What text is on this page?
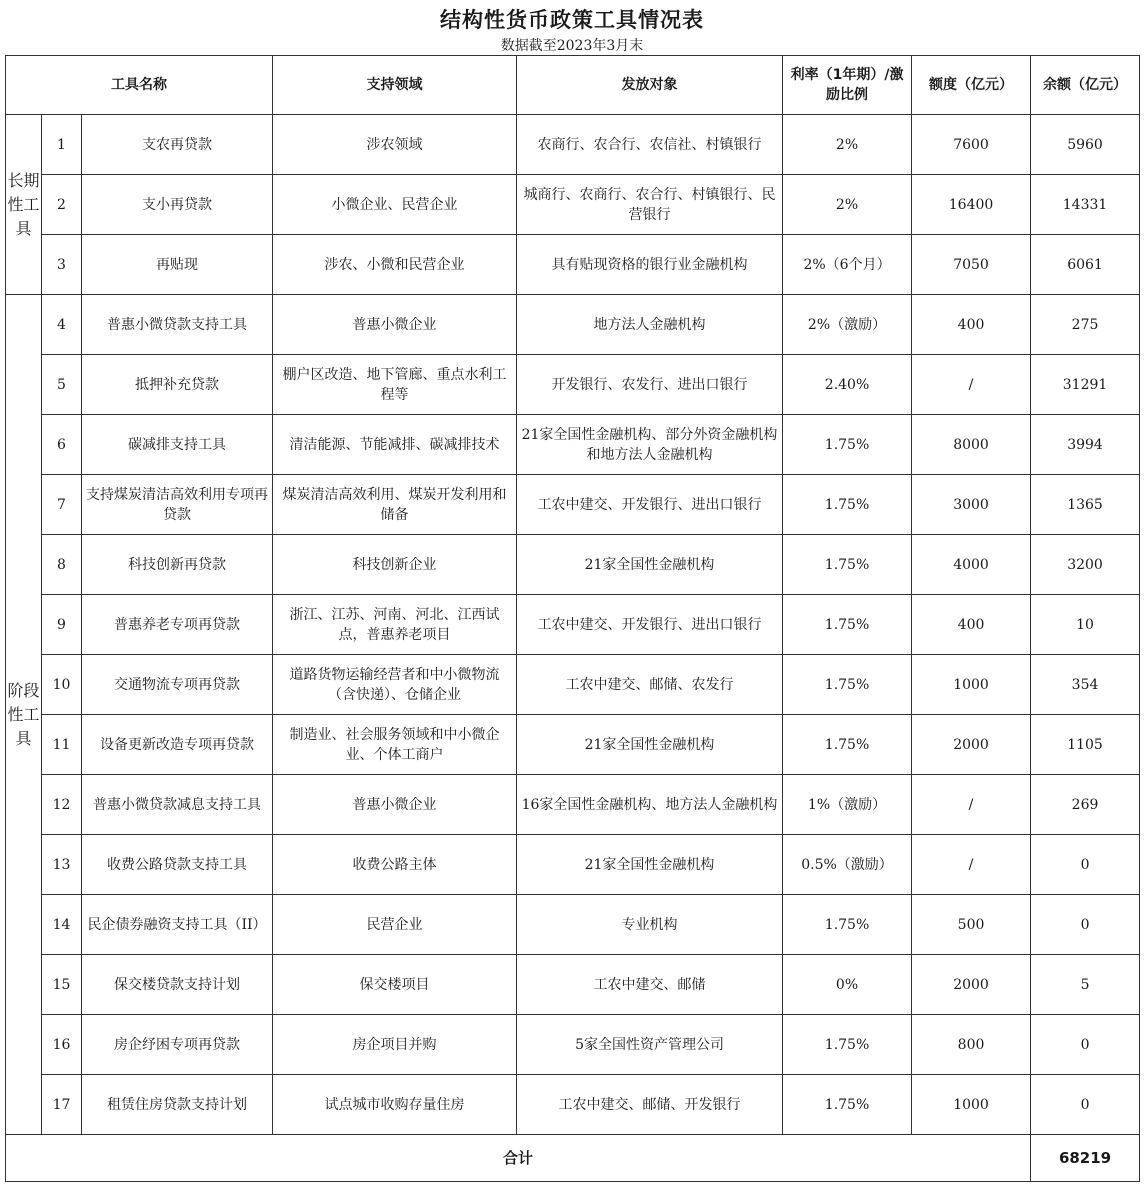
结构性货币政策工具情况表
数据截至2023年3月末
工具名称			支持领域	发放对象	利率（1年期）/激励比例	额度（亿元）	余额（亿元）
长期性工具	1	支农再贷款	涉农领域	农商行、农合行、农信社、村镇银行	2%	7600	5960
	2	支小再贷款	小微企业、民营企业	城商行、农商行、农合行、村镇银行、民营银行	2%	16400	14331
	3	再贴现	涉农、小微和民营企业	具有贴现资格的银行业金融机构	2%（6个月）	7050	6061
阶段性工具	4	普惠小微贷款支持工具	普惠小微企业	地方法人金融机构	2%（激励）	400	275
	5	抵押补充贷款	棚户区改造、地下管廊、重点水利工程等	开发银行、农发行、进出口银行	2.40%	/	31291
	6	碳减排支持工具	清洁能源、节能减排、碳减排技术	21家全国性金融机构、部分外资金融机构和地方法人金融机构	1.75%	8000	3994
	7	支持煤炭清洁高效利用专项再贷款	煤炭清洁高效利用、煤炭开发利用和储备	工农中建交、开发银行、进出口银行	1.75%	3000	1365
	8	科技创新再贷款	科技创新企业	21家全国性金融机构	1.75%	4000	3200
	9	普惠养老专项再贷款	浙江、江苏、河南、河北、江西试点，普惠养老项目	工农中建交、开发银行、进出口银行	1.75%	400	10
	10	交通物流专项再贷款	道路货物运输经营者和中小微物流（含快递）、仓储企业	工农中建交、邮储、农发行	1.75%	1000	354
	11	设备更新改造专项再贷款	制造业、社会服务领域和中小微企业、个体工商户	21家全国性金融机构	1.75%	2000	1105
	12	普惠小微贷款减息支持工具	普惠小微企业	16家全国性金融机构、地方法人金融机构	1%（激励）	/	269
	13	收费公路贷款支持工具	收费公路主体	21家全国性金融机构	0.5%（激励）	/	0
	14	民企债券融资支持工具（II）	民营企业	专业机构	1.75%	500	0
	15	保交楼贷款支持计划	保交楼项目	工农中建交、邮储	0%	2000	5
	16	房企纾困专项再贷款	房企项目并购	5家全国性资产管理公司	1.75%	800	0
	17	租赁住房贷款支持计划	试点城市收购存量住房	工农中建交、邮储、开发银行	1.75%	1000	0
合计							68219
